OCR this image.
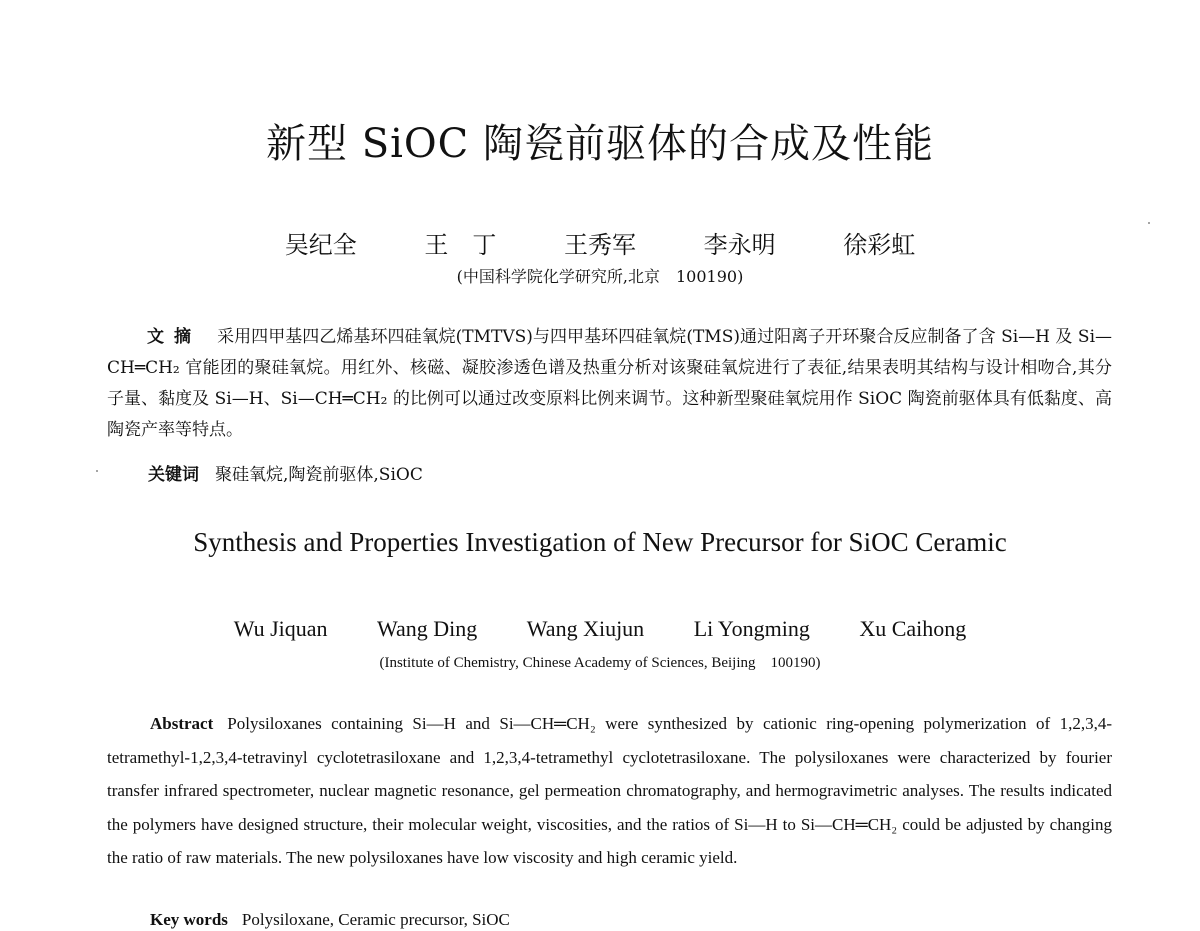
新型 SiOC 陶瓷前驱体的合成及性能
吴纪全	王　丁	王秀军	李永明	徐彩虹
(中国科学院化学研究所,北京　100190)
文摘 采用四甲基四乙烯基环四硅氧烷(TMTVS)与四甲基环四硅氧烷(TMS)通过阳离子开环聚合反应制备了含 Si—H 及 Si—CH═CH₂ 官能团的聚硅氧烷。用红外、核磁、凝胶渗透色谱及热重分析对该聚硅氧烷进行了表征,结果表明其结构与设计相吻合,其分子量、黏度及 Si—H、Si—CH═CH₂ 的比例可以通过改变原料比例来调节。这种新型聚硅氧烷用作 SiOC 陶瓷前驱体具有低黏度、高陶瓷产率等特点。
关键词 聚硅氧烷,陶瓷前驱体,SiOC
Synthesis and Properties Investigation of New Precursor for SiOC Ceramic
Wu Jiquan Wang Ding Wang Xiujun Li Yongming Xu Caihong
(Institute of Chemistry, Chinese Academy of Sciences, Beijing　100190)
Abstract Polysiloxanes containing Si—H and Si—CH═CH₂ were synthesized by cationic ring-opening polymerization of 1,2,3,4-tetramethyl-1,2,3,4-tetravinyl cyclotetrasiloxane and 1,2,3,4-tetramethyl cyclotetrasiloxane. The polysiloxanes were characterized by fourier transfer infrared spectrometer, nuclear magnetic resonance, gel permeation chromatography, and hermogravimetric analyses. The results indicated the polymers have designed structure, their molecular weight, viscosities, and the ratios of Si—H to Si—CH═CH₂ could be adjusted by changing the ratio of raw materials. The new polysiloxanes have low viscosity and high ceramic yield.
Key words Polysiloxane, Ceramic precursor, SiOC
